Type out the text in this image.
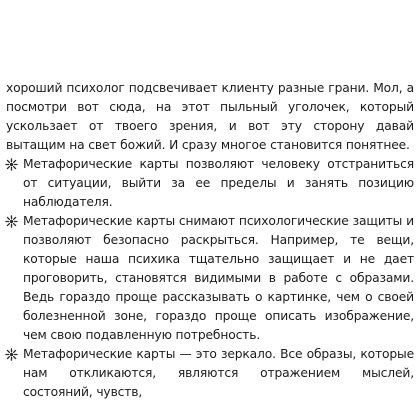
хороший психолог подсвечивает клиенту разные грани. Мол, а посмотри вот сюда, на этот пыльный уголочек, который ускользает от твоего зрения, и вот эту сторону давай вытащим на свет божий. И сразу многое становится понятнее.

Метафорические карты позволяют человеку отстраниться от ситуации, выйти за ее пределы и занять позицию наблюдателя.
Метафорические карты снимают психологические защиты и позволяют безопасно раскрыться. Например, те вещи, которые наша психика тщательно защищает и не дает проговорить, становятся видимыми в работе с образами. Ведь гораздо проще рассказывать о картинке, чем о своей болезненной зоне, гораздо проще описать изображение, чем свою подавленную потребность.
Метафорические карты — это зеркало. Все образы, которые нам откликаются, являются отражением мыслей, состояний, чувств,
